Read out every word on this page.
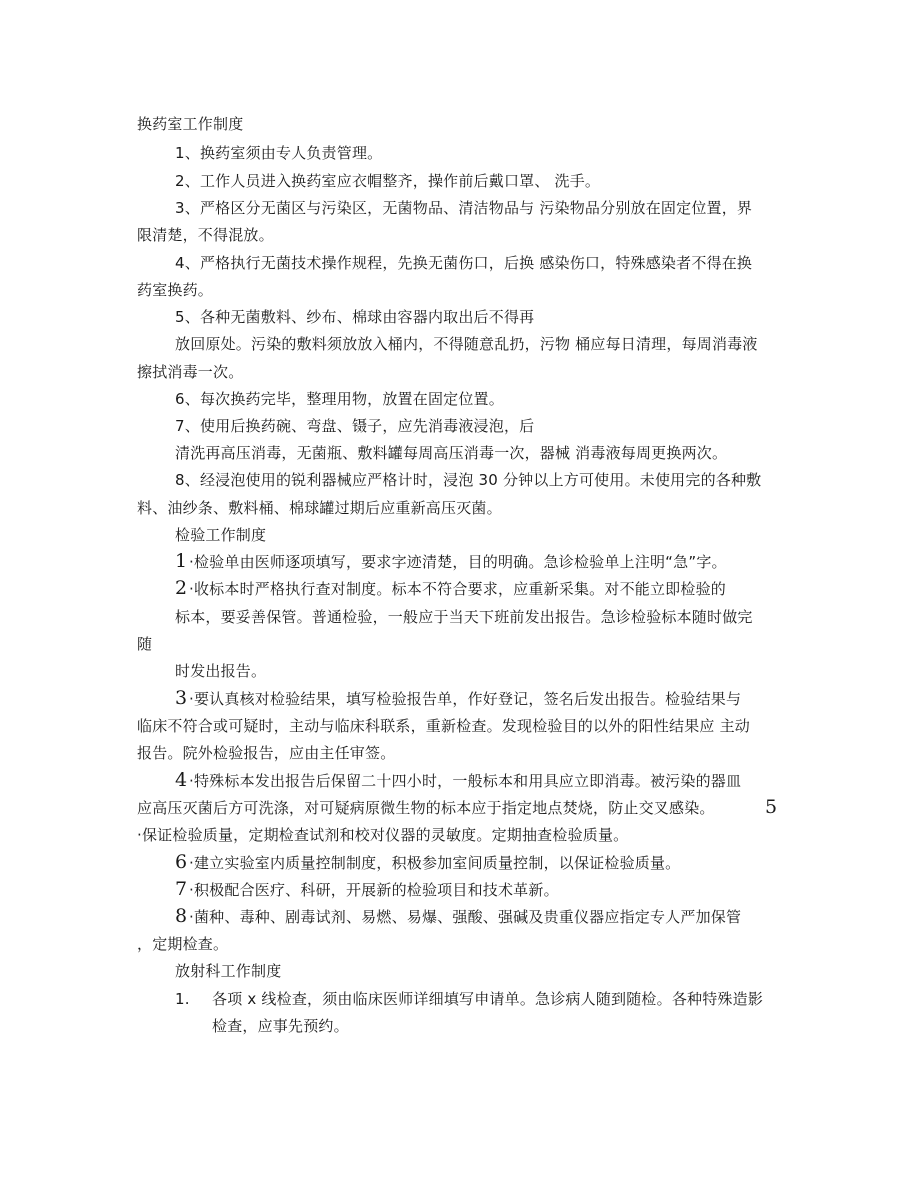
换药室工作制度
1、换药室须由专人负责管理。
2、工作人员进入换药室应衣帽整齐，操作前后戴口罩、 洗手。
3、严格区分无菌区与污染区，无菌物品、清洁物品与 污染物品分别放在固定位置，界
限清楚，不得混放。
4、严格执行无菌技术操作规程，先换无菌伤口，后换 感染伤口，特殊感染者不得在换
药室换药。
5、各种无菌敷料、纱布、棉球由容器内取出后不得再
放回原处。污染的敷料须放放入桶内，不得随意乱扔，污物 桶应每日清理，每周消毒液
擦拭消毒一次。
6、每次换药完毕，整理用物，放置在固定位置。
7、使用后换药碗、弯盘、镊子，应先消毒液浸泡，后
清洗再高压消毒，无菌瓶、敷料罐每周高压消毒一次，器械 消毒液每周更换两次。
8、经浸泡使用的锐利器械应严格计时，浸泡 30 分钟以上方可使用。未使用完的各种敷
料、油纱条、敷料桶、棉球罐过期后应重新高压灭菌。
检验工作制度
1 ·检验单由医师逐项填写，要求字迹清楚，目的明确。急诊检验单上注明“急”字。
2 ·收标本时严格执行查对制度。标本不符合要求，应重新采集。对不能立即检验的
标本，要妥善保管。普通检验，一般应于当天下班前发出报告。急诊检验标本随时做完
随
时发出报告。
3 ·要认真核对检验结果，填写检验报告单，作好登记，签名后发出报告。检验结果与
临床不符合或可疑时，主动与临床科联系，重新检查。发现检验目的以外的阳性结果应 主动
报告。院外检验报告，应由主任审签。
4 ·特殊标本发出报告后保留二十四小时，一般标本和用具应立即消毒。被污染的器皿
应高压灭菌后方可洗涤，对可疑病原微生物的标本应于指定地点焚烧，防止交叉感染。	5
·保证检验质量，定期检查试剂和校对仪器的灵敏度。定期抽查检验质量。
6 ·建立实验室内质量控制制度，积极参加室间质量控制，以保证检验质量。
7 ·积极配合医疗、科研，开展新的检验项目和技术革新。
8 ·菌种、毒种、剧毒试剂、易燃、易爆、强酸、强碱及贵重仪器应指定专人严加保管
，定期检查。
放射科工作制度
1. 各项 x 线检查，须由临床医师详细填写申请单。急诊病人随到随检。各种特殊造影
检查，应事先预约。
